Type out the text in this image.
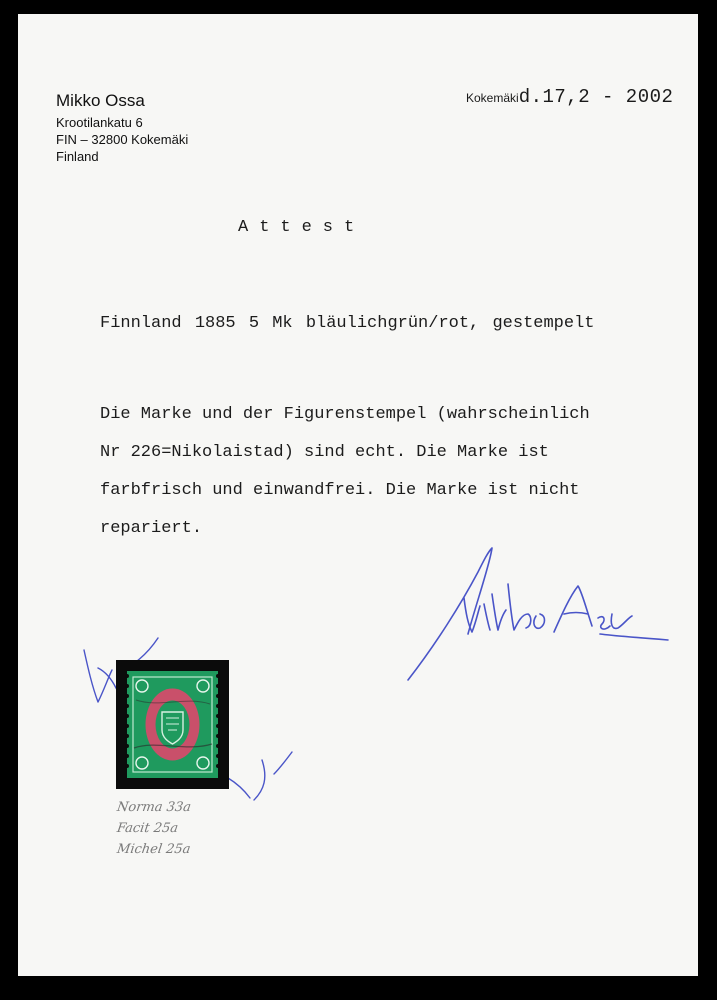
Mikko Ossa
Krootilankatu 6
FIN – 32800 Kokemäki
Finland
Kokemäkid.17,2 - 2002
Attest
Finnland 1885 5 Mk bläulichgrün/rot, gestempelt
Die Marke und der Figurenstempel (wahrscheinlich
Nr 226=Nikolaistad) sind echt. Die Marke ist
farbfrisch und einwandfrei. Die Marke ist nicht
repariert.
Norma 33a
Facit 25a
Michel 25a
